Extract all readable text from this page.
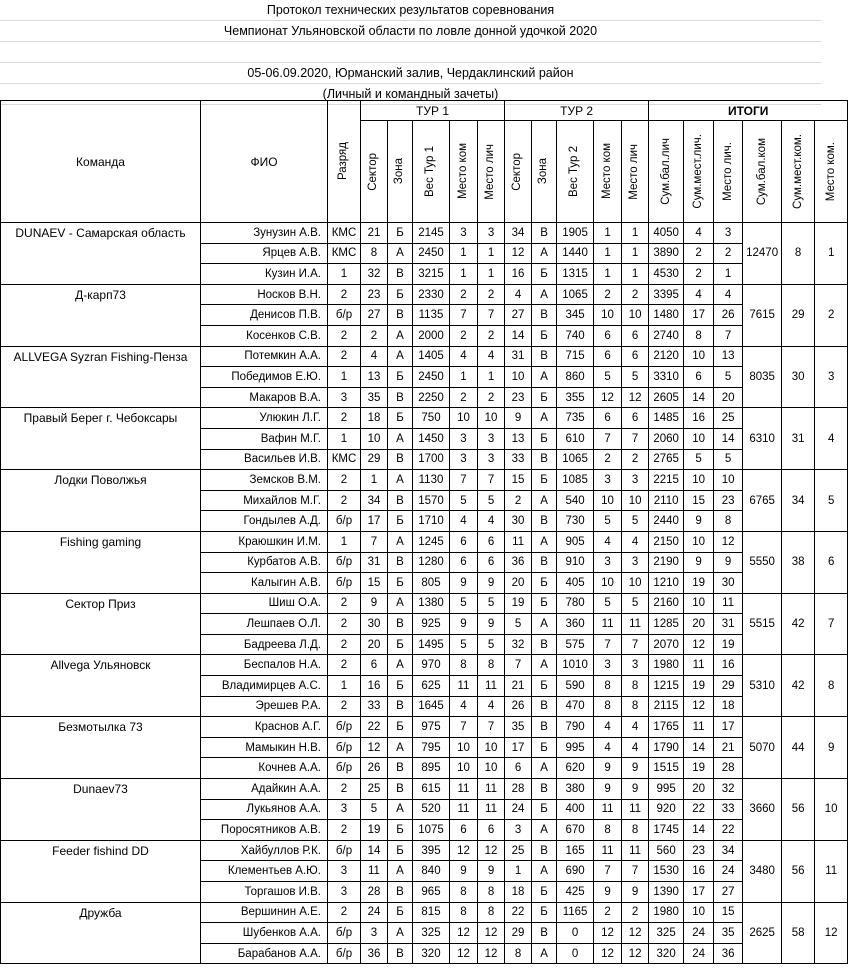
Протокол технических результатов соревнования
Чемпионат Ульяновской области по ловле донной удочкой 2020
05-06.09.2020, Юрманский залив, Чердаклинский район
(Личный и командный зачеты)
Команда	ФИО	Разряд	ТУР 1					ТУР 2					ИТОГИ					

			Сектор	Зона	Вес Тур 1	Место ком	Место лич	Сектор	Зона	Вес Тур 2	Место ком	Место лич	Сум.бал.лич	Сум.мест.лич.	Место лич.	Сум.бал.ком	Сум.мест.ком.	Место ком.

DUNAEV - Самарская область	Зунузин А.В.	КМС	21	Б	2145	3	3	34	В	1905	1	1	4050	4	3	12470	8	1
	Ярцев А.В.	КМС	8	А	2450	1	1	12	А	1440	1	1	3890	2	2			
	Кузин И.А.	1	32	В	3215	1	1	16	Б	1315	1	1	4530	2	1			
Д-карп73	Носков В.Н.	2	23	Б	2330	2	2	4	А	1065	2	2	3395	4	4	7615	29	2
	Денисов П.В.	б/р	27	В	1135	7	7	27	В	345	10	10	1480	17	26			
	Косенков С.В.	2	2	А	2000	2	2	14	Б	740	6	6	2740	8	7			
ALLVEGA Syzran Fishing-Пенза	Потемкин А.А.	2	4	А	1405	4	4	31	В	715	6	6	2120	10	13	8035	30	3
	Победимов Е.Ю.	1	13	Б	2450	1	1	10	А	860	5	5	3310	6	5			
	Макаров В.А.	3	35	В	2250	2	2	23	Б	355	12	12	2605	14	20			
Правый Берег г. Чебоксары	Улюкин Л.Г.	2	18	Б	750	10	10	9	А	735	6	6	1485	16	25	6310	31	4
	Вафин М.Г.	1	10	А	1450	3	3	13	Б	610	7	7	2060	10	14			
	Васильев И.В.	КМС	29	В	1700	3	3	33	В	1065	2	2	2765	5	5			
Лодки Поволжья	Земсков В.М.	2	1	А	1130	7	7	15	Б	1085	3	3	2215	10	10	6765	34	5
	Михайлов М.Г.	2	34	В	1570	5	5	2	А	540	10	10	2110	15	23			
	Гондылев А.Д.	б/р	17	Б	1710	4	4	30	В	730	5	5	2440	9	8			
Fishing gaming	Краюшкин И.М.	1	7	А	1245	6	6	11	А	905	4	4	2150	10	12	5550	38	6
	Курбатов А.В.	б/р	31	В	1280	6	6	36	В	910	3	3	2190	9	9			
	Калыгин А.В.	б/р	15	Б	805	9	9	20	Б	405	10	10	1210	19	30			
Сектор Приз	Шиш О.А.	2	9	А	1380	5	5	19	Б	780	5	5	2160	10	11	5515	42	7
	Лешпаев О.Л.	2	30	В	925	9	9	5	А	360	11	11	1285	20	31			
	Бадреева Л.Д.	2	20	Б	1495	5	5	32	В	575	7	7	2070	12	19			
Allvega Ульяновск	Беспалов Н.А.	2	6	А	970	8	8	7	А	1010	3	3	1980	11	16	5310	42	8
	Владимирцев А.С.	1	16	Б	625	11	11	21	Б	590	8	8	1215	19	29			
	Эрешев Р.А.	2	33	В	1645	4	4	26	В	470	8	8	2115	12	18			
Безмотылка 73	Краснов А.Г.	б/р	22	Б	975	7	7	35	В	790	4	4	1765	11	17	5070	44	9
	Мамыкин Н.В.	б/р	12	А	795	10	10	17	Б	995	4	4	1790	14	21			
	Кочнев А.А.	б/р	26	В	895	10	10	6	А	620	9	9	1515	19	28			
Dunaev73	Адайкин А.А.	2	25	В	615	11	11	28	В	380	9	9	995	20	32	3660	56	10
	Лукьянов А.А.	3	5	А	520	11	11	24	Б	400	11	11	920	22	33			
	Поросятников А.В.	2	19	Б	1075	6	6	3	А	670	8	8	1745	14	22			
Feeder fishind DD	Хайбуллов Р.К.	б/р	14	Б	395	12	12	25	В	165	11	11	560	23	34	3480	56	11
	Клементьев А.Ю.	3	11	А	840	9	9	1	А	690	7	7	1530	16	24			
	Торгашов И.В.	3	28	В	965	8	8	18	Б	425	9	9	1390	17	27			
Дружба	Вершинин А.Е.	2	24	Б	815	8	8	22	Б	1165	2	2	1980	10	15	2625	58	12
	Шубенков А.А.	б/р	3	А	325	12	12	29	В	0	12	12	325	24	35			
	Барабанов А.А.	б/р	36	В	320	12	12	8	А	0	12	12	320	24	36			
